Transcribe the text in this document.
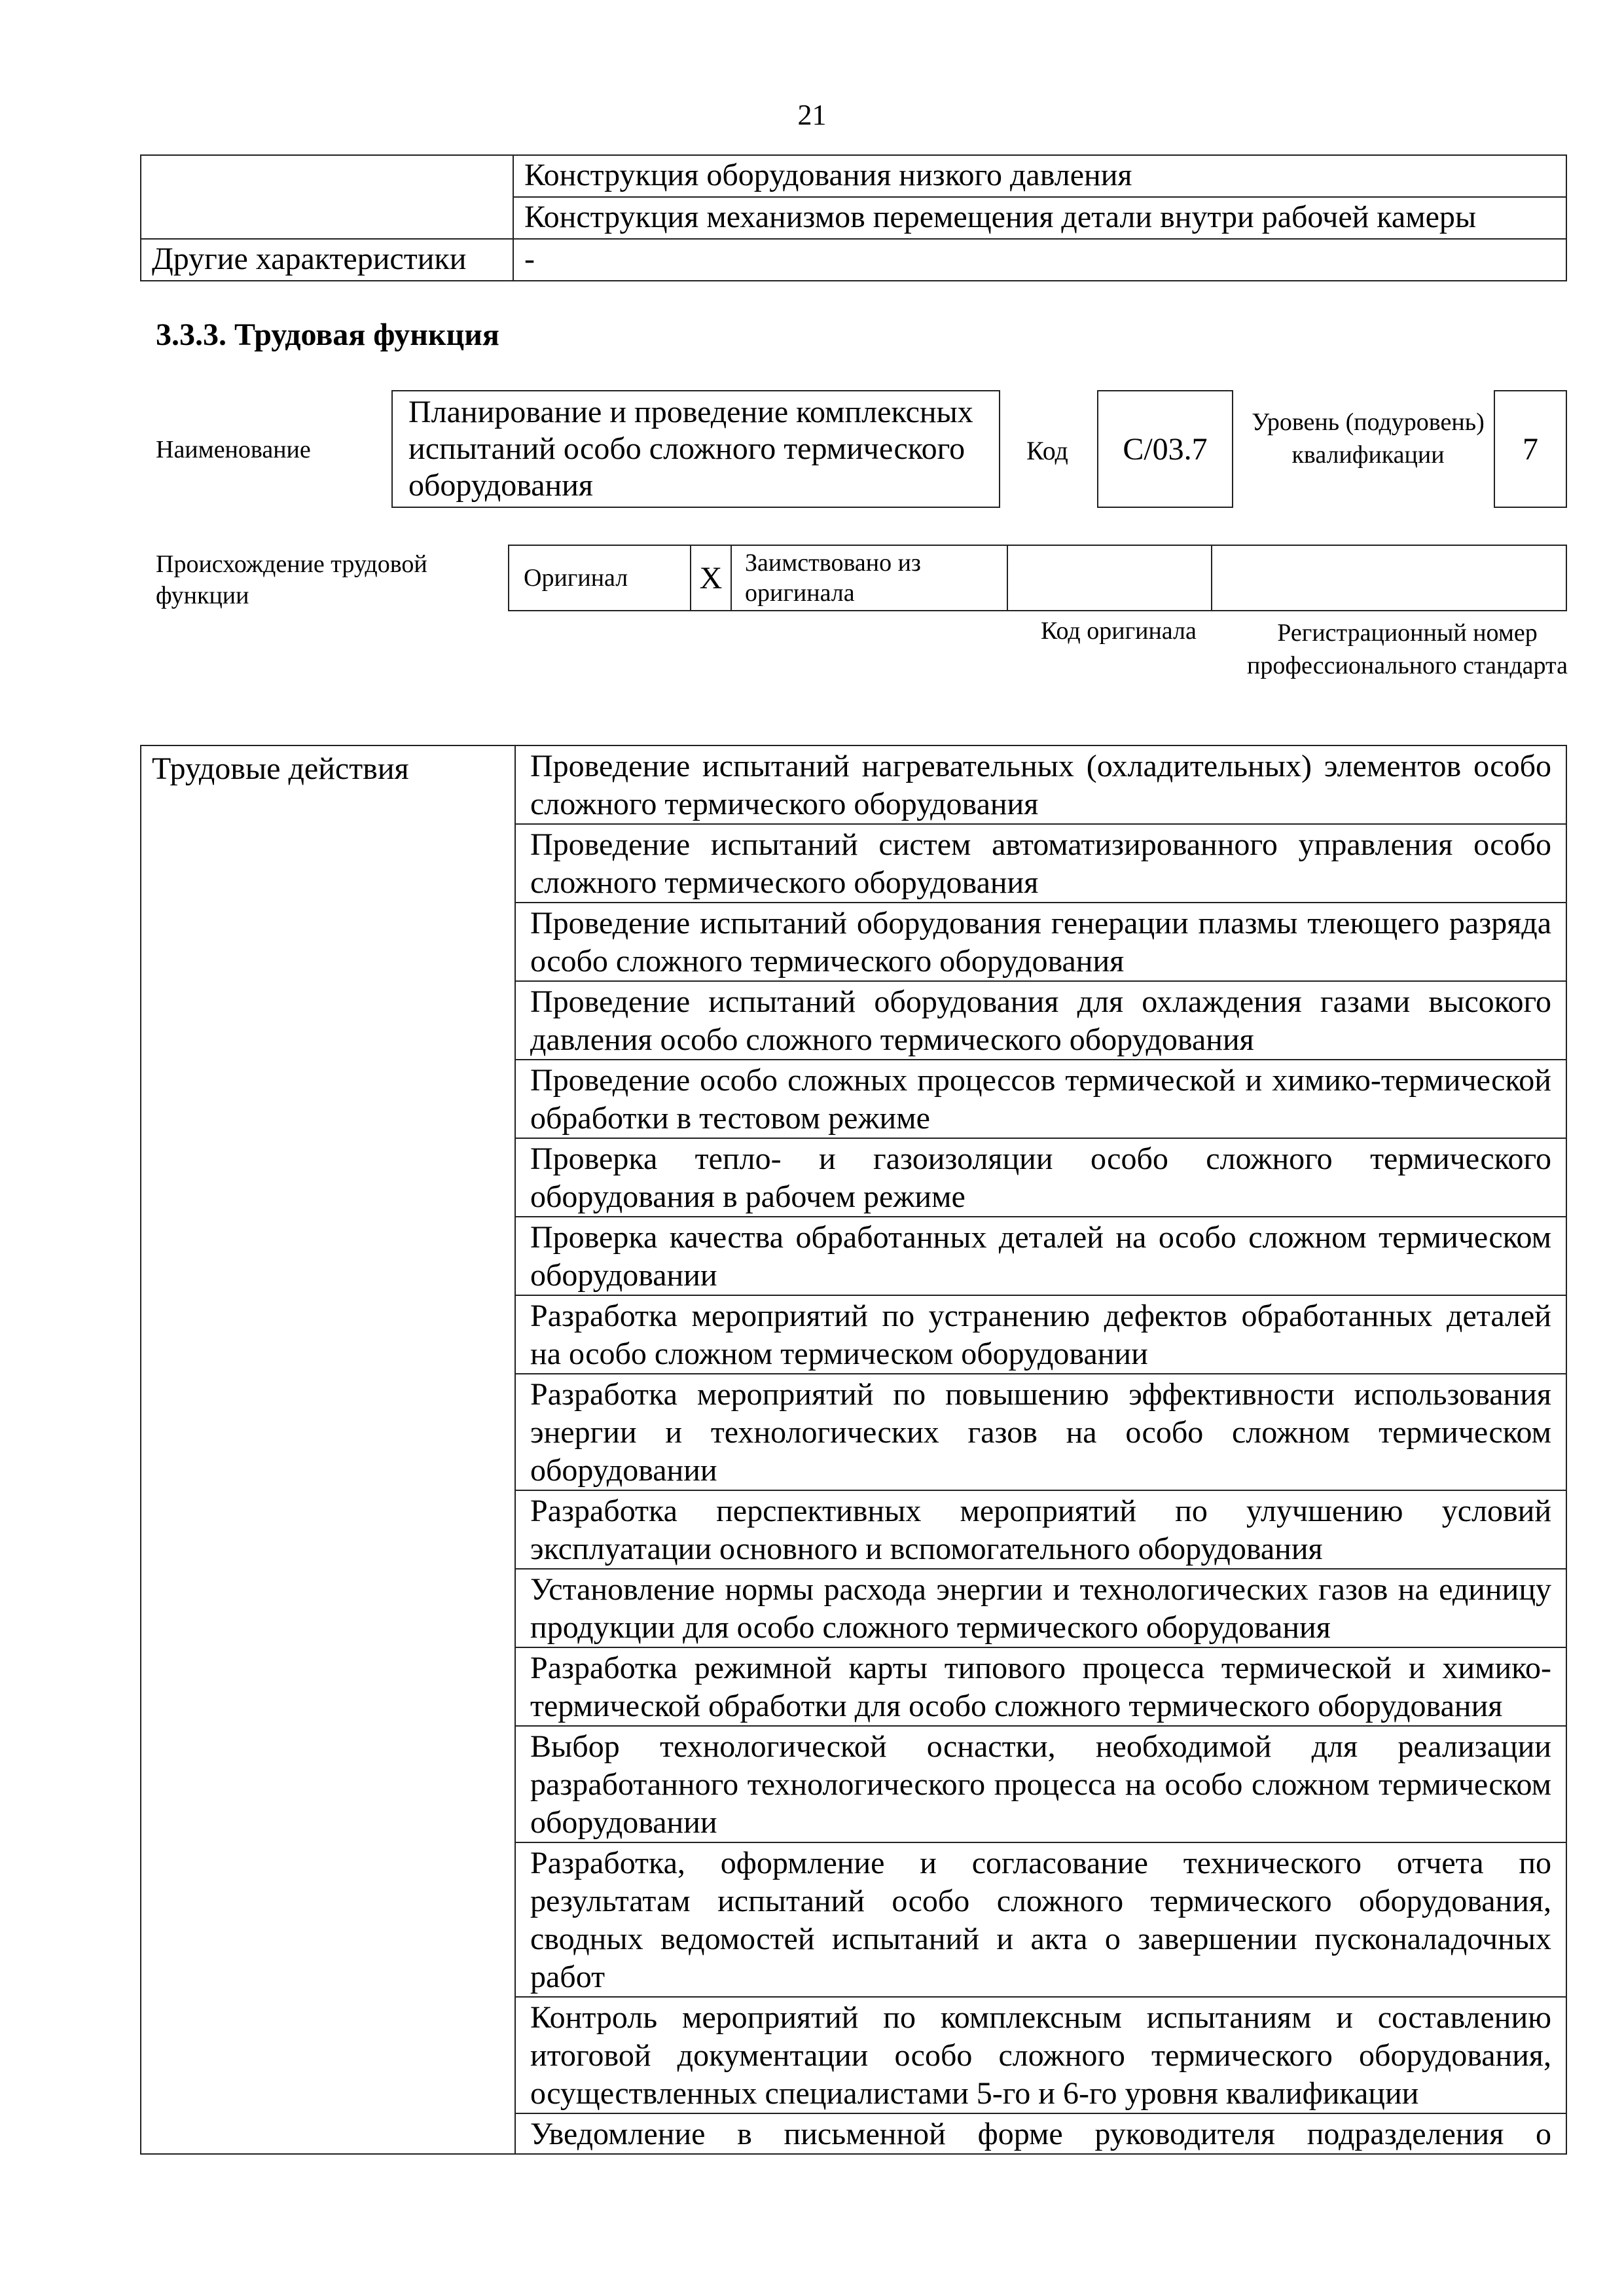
21
	Конструкция оборудования низкого давления
	Конструкция механизмов перемещения детали внутри рабочей камеры
Другие характеристики	-
3.3.3. Трудовая функция
Наименование
Планирование и проведение комплексных испытаний особо сложного термического оборудования
Код C/03.7
Уровень (подуровень) квалификации	7
Происхождение трудовой функции
Оригинал	X	Заимствовано из оригинала		
Код оригинала	Регистрационный номер профессионального стандарта
Трудовые действия	Проведение испытаний нагревательных (охладительных) элементов особо сложного термического оборудования
Проведение испытаний систем автоматизированного управления особо сложного термического оборудования
Проведение испытаний оборудования генерации плазмы тлеющего разряда особо сложного термического оборудования
Проведение испытаний оборудования для охлаждения газами высокого давления особо сложного термического оборудования
Проведение особо сложных процессов термической и химико-термической обработки в тестовом режиме
Проверка тепло- и газоизоляции особо сложного термического оборудования в рабочем режиме
Проверка качества обработанных деталей на особо сложном термическом оборудовании
Разработка мероприятий по устранению дефектов обработанных деталей на особо сложном термическом оборудовании
Разработка мероприятий по повышению эффективности использования энергии и технологических газов на особо сложном термическом оборудовании
Разработка перспективных мероприятий по улучшению условий эксплуатации основного и вспомогательного оборудования
Установление нормы расхода энергии и технологических газов на единицу продукции для особо сложного термического оборудования
Разработка режимной карты типового процесса термической и химико-термической обработки для особо сложного термического оборудования
Выбор технологической оснастки, необходимой для реализации разработанного технологического процесса на особо сложном термическом оборудовании
Разработка, оформление и согласование технического отчета по результатам испытаний особо сложного термического оборудования, сводных ведомостей испытаний и акта о завершении пусконаладочных работ
Контроль мероприятий по комплексным испытаниям и составлению итоговой документации особо сложного термического оборудования, осуществленных специалистами 5-го и 6-го уровня квалификации
Уведомление в письменной форме руководителя подразделения о
